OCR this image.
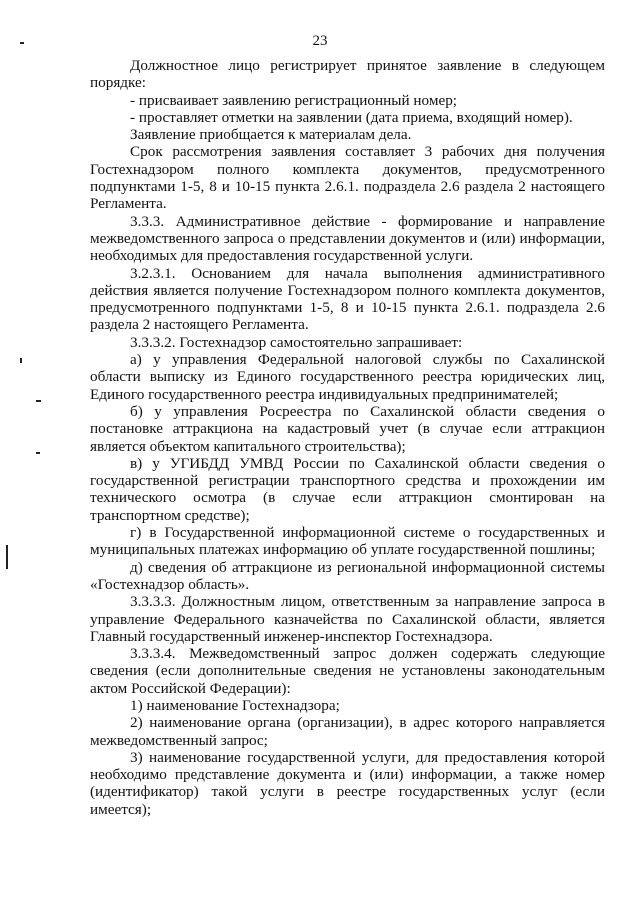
23

Должностное лицо регистрирует принятое заявление в следующем порядке:

- присваивает заявлению регистрационный номер;

- проставляет отметки на заявлении (дата приема, входящий номер).

Заявление приобщается к материалам дела.

Срок рассмотрения заявления составляет 3 рабочих дня получения Гостехнадзором полного комплекта документов, предусмотренного подпунктами 1-5, 8 и 10-15 пункта 2.6.1. подраздела 2.6 раздела 2 настоящего Регламента.

3.3.3. Административное действие - формирование и направление межведомственного запроса о представлении документов и (или) информации, необходимых для предоставления государственной услуги.

3.2.3.1. Основанием для начала выполнения административного действия является получение Гостехнадзором полного комплекта документов, предусмотренного подпунктами 1-5, 8 и 10-15 пункта 2.6.1. подраздела 2.6 раздела 2 настоящего Регламента.

3.3.3.2. Гостехнадзор самостоятельно запрашивает:

а) у управления Федеральной налоговой службы по Сахалинской области выписку из Единого государственного реестра юридических лиц, Единого государственного реестра индивидуальных предпринимателей;

б) у управления Росреестра по Сахалинской области сведения о постановке аттракциона на кадастровый учет (в случае если аттракцион является объектом капитального строительства);

в) у УГИБДД УМВД России по Сахалинской области сведения о государственной регистрации транспортного средства и прохождении им технического осмотра (в случае если аттракцион смонтирован на транспортном средстве);

г) в Государственной информационной системе о государственных и муниципальных платежах информацию об уплате государственной пошлины;

д) сведения об аттракционе из региональной информационной системы «Гостехнадзор область».

3.3.3.3. Должностным лицом, ответственным за направление запроса в управление Федерального казначейства по Сахалинской области, является Главный государственный инженер-инспектор Гостехнадзора.

3.3.3.4. Межведомственный запрос должен содержать следующие сведения (если дополнительные сведения не установлены законодательным актом Российской Федерации):

1) наименование Гостехнадзора;

2) наименование органа (организации), в адрес которого направляется межведомственный запрос;

3) наименование государственной услуги, для предоставления которой необходимо представление документа и (или) информации, а также номер (идентификатор) такой услуги в реестре государственных услуг (если имеется);
